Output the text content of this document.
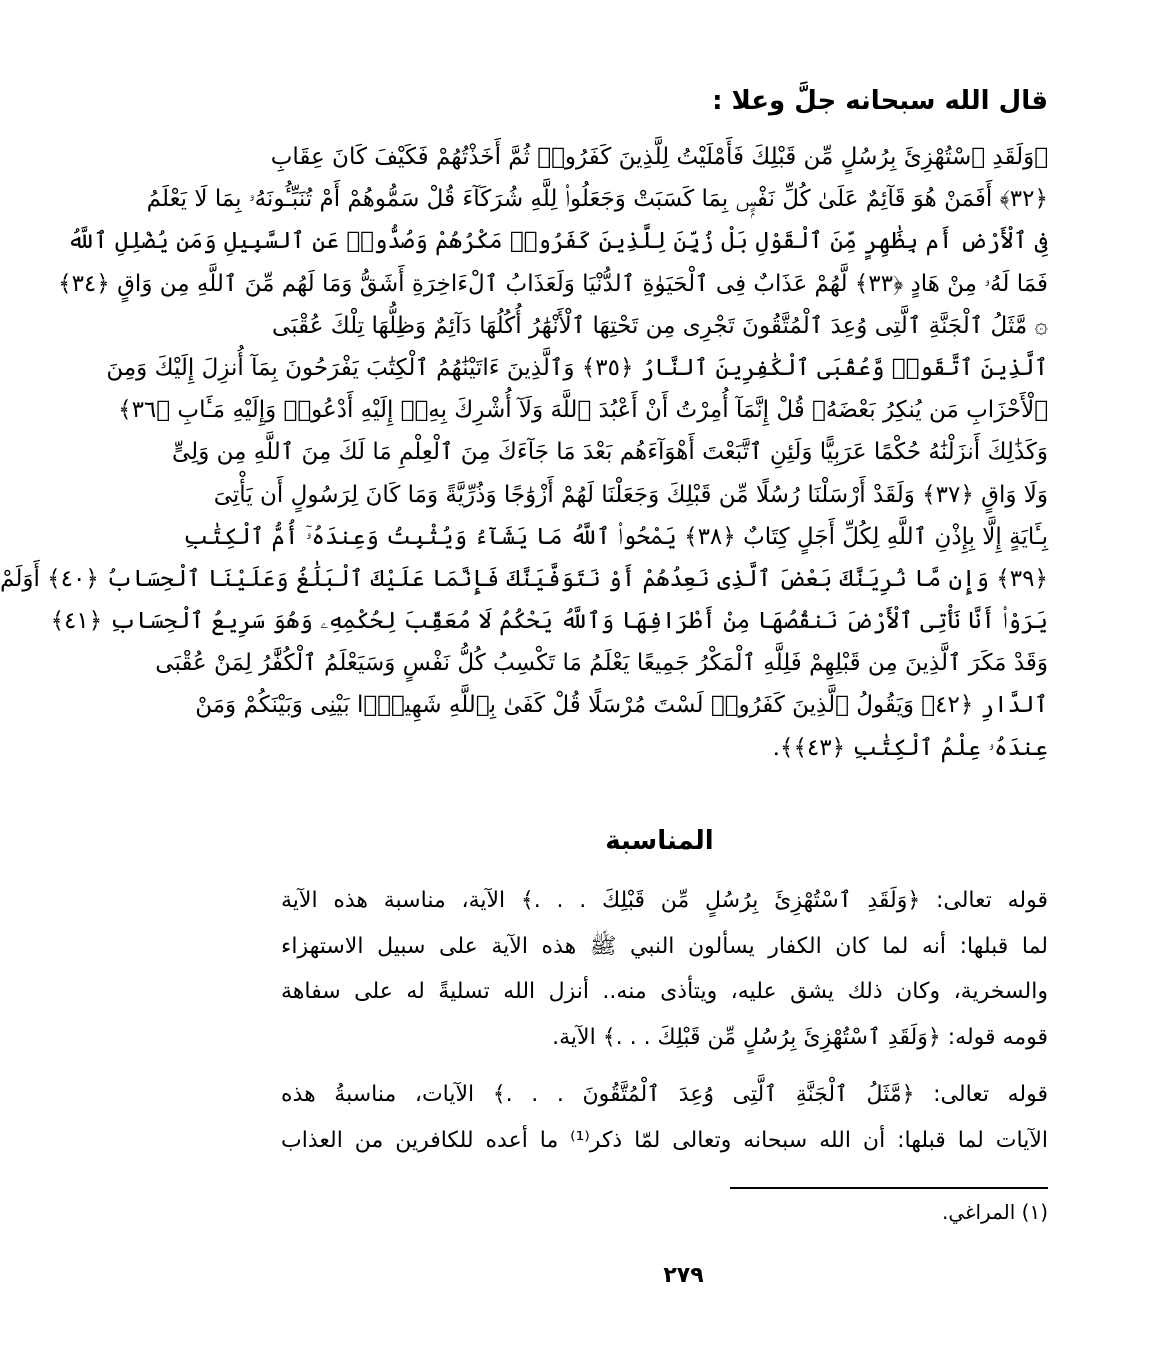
قال الله سبحانه جلَّ وعلا :
﴿وَلَقَدِ ٱسْتُهْزِئَ بِرُسُلٍ مِّن قَبْلِكَ فَأَمْلَيْتُ لِلَّذِينَ كَفَرُوا۟ ثُمَّ أَخَذْتُهُمْ فَكَيْفَ كَانَ عِقَابِ
﴿٣٢﴾ أَفَمَنْ هُوَ قَآئِمٌ عَلَىٰ كُلِّ نَفْسٍۭ بِمَا كَسَبَتْ وَجَعَلُوا۟ لِلَّهِ شُرَكَآءَ قُلْ سَمُّوهُمْ أَمْ تُنَبِّـُٔونَهُۥ بِمَا لَا يَعْلَمُ
فِى ٱلْأَرْضِ أَم بِظَٰهِرٍ مِّنَ ٱلْقَوْلِ بَلْ زُيِّنَ لِلَّذِينَ كَفَرُوا۟ مَكْرُهُمْ وَصُدُّوا۟ عَنِ ٱلسَّبِيلِ وَمَن يُضْلِلِ ٱللَّهُ
فَمَا لَهُۥ مِنْ هَادٍ ﴿٣٣﴾ لَّهُمْ عَذَابٌ فِى ٱلْحَيَوٰةِ ٱلدُّنْيَا وَلَعَذَابُ ٱلْءَاخِرَةِ أَشَقُّ وَمَا لَهُم مِّنَ ٱللَّهِ مِن وَاقٍ ﴿٣٤﴾
۞ مَّثَلُ ٱلْجَنَّةِ ٱلَّتِى وُعِدَ ٱلْمُتَّقُونَ تَجْرِى مِن تَحْتِهَا ٱلْأَنْهَٰرُ أُكُلُهَا دَآئِمٌ وَظِلُّهَا تِلْكَ عُقْبَى
ٱلَّذِينَ ٱتَّقَوا۟ وَّعُقْبَى ٱلْكَٰفِرِينَ ٱلنَّارُ ﴿٣٥﴾ وَٱلَّذِينَ ءَاتَيْنَٰهُمُ ٱلْكِتَٰبَ يَفْرَحُونَ بِمَآ أُنزِلَ إِلَيْكَ وَمِنَ
ٱلْأَحْزَابِ مَن يُنكِرُ بَعْضَهُۥ قُلْ إِنَّمَآ أُمِرْتُ أَنْ أَعْبُدَ ٱللَّهَ وَلَآ أُشْرِكَ بِهِۦٓ إِلَيْهِ أَدْعُوا۟ وَإِلَيْهِ مَـَٔابِ ﴿٣٦﴾
وَكَذَٰلِكَ أَنزَلْنَٰهُ حُكْمًا عَرَبِيًّا وَلَئِنِ ٱتَّبَعْتَ أَهْوَآءَهُم بَعْدَ مَا جَآءَكَ مِنَ ٱلْعِلْمِ مَا لَكَ مِنَ ٱللَّهِ مِن وَلِىٍّ
وَلَا وَاقٍ ﴿٣٧﴾ وَلَقَدْ أَرْسَلْنَا رُسُلًا مِّن قَبْلِكَ وَجَعَلْنَا لَهُمْ أَزْوَٰجًا وَذُرِّيَّةً وَمَا كَانَ لِرَسُولٍ أَن يَأْتِىَ
بِـَٔايَةٍ إِلَّا بِإِذْنِ ٱللَّهِ لِكُلِّ أَجَلٍ كِتَابٌ ﴿٣٨﴾ يَمْحُوا۟ ٱللَّهُ مَا يَشَآءُ وَيُثْبِتُ وَعِندَهُۥٓ أُمُّ ٱلْكِتَٰبِ
﴿٣٩﴾ وَإِن مَّا نُرِيَنَّكَ بَعْضَ ٱلَّذِى نَعِدُهُمْ أَوْ نَتَوَفَّيَنَّكَ فَإِنَّمَا عَلَيْكَ ٱلْبَلَٰغُ وَعَلَيْنَا ٱلْحِسَابُ ﴿٤٠﴾ أَوَلَمْ
يَرَوْا۟ أَنَّا نَأْتِى ٱلْأَرْضَ نَنقُصُهَا مِنْ أَطْرَافِهَا وَٱللَّهُ يَحْكُمُ لَا مُعَقِّبَ لِحُكْمِهِۦ وَهُوَ سَرِيعُ ٱلْحِسَابِ ﴿٤١﴾
وَقَدْ مَكَرَ ٱلَّذِينَ مِن قَبْلِهِمْ فَلِلَّهِ ٱلْمَكْرُ جَمِيعًا يَعْلَمُ مَا تَكْسِبُ كُلُّ نَفْسٍ وَسَيَعْلَمُ ٱلْكُفَّٰرُ لِمَنْ عُقْبَى
ٱلدَّارِ ﴿٤٢﴾ وَيَقُولُ ٱلَّذِينَ كَفَرُوا۟ لَسْتَ مُرْسَلًا قُلْ كَفَىٰ بِٱللَّهِ شَهِيدًۢا بَيْنِى وَبَيْنَكُمْ وَمَنْ
عِندَهُۥ عِلْمُ ٱلْكِتَٰبِ ﴿٤٣﴾﴾.
المناسبة
قوله تعالى: ﴿وَلَقَدِ ٱسْتُهْزِئَ بِرُسُلٍ مِّن قَبْلِكَ . . .﴾ الآية، مناسبة هذه الآية
لما قبلها: أنه لما كان الكفار يسألون النبي ﷺ هذه الآية على سبيل الاستهزاء
والسخرية، وكان ذلك يشق عليه، ويتأذى منه.. أنزل الله تسليةً له على سفاهة
قومه قوله: ﴿وَلَقَدِ ٱسْتُهْزِئَ بِرُسُلٍ مِّن قَبْلِكَ . . .﴾ الآية.
قوله تعالى: ﴿مَّثَلُ ٱلْجَنَّةِ ٱلَّتِى وُعِدَ ٱلْمُتَّقُونَ . . .﴾ الآيات، مناسبةُ هذه
الآيات لما قبلها: أن الله سبحانه وتعالى لمّا ذكر⁽¹⁾ ما أعده للكافرين من العذاب
(١) المراغي.
٢٧٩
